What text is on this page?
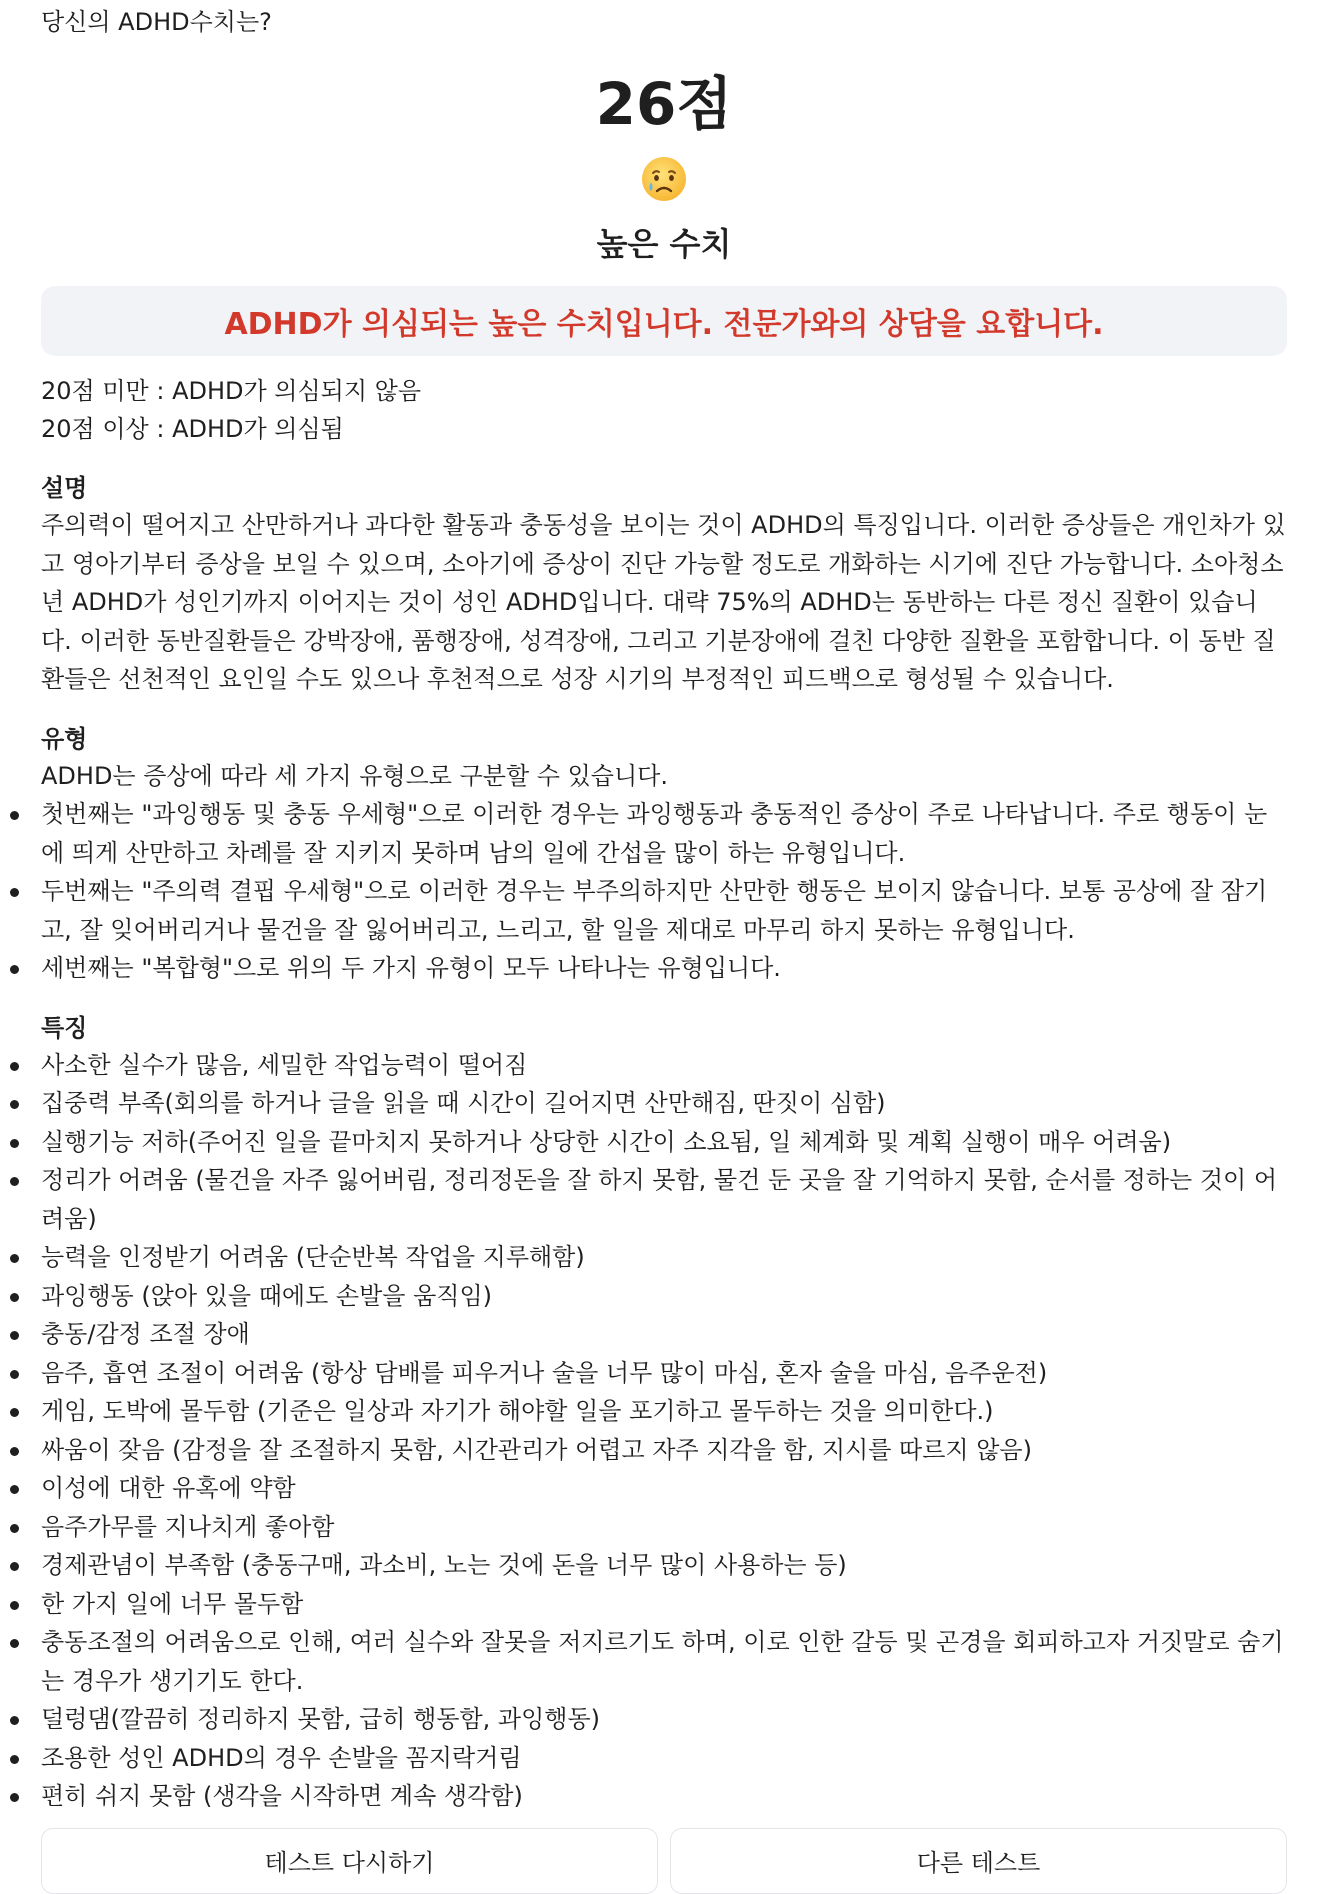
당신의 ADHD수치는?
26점
높은 수치
ADHD가 의심되는 높은 수치입니다. 전문가와의 상담을 요합니다.
20점 미만 : ADHD가 의심되지 않음
20점 이상 : ADHD가 의심됨
설명

주의력이 떨어지고 산만하거나 과다한 활동과 충동성을 보이는 것이 ADHD의 특징입니다. 이러한 증상들은 개인차가 있고 영아기부터 증상을 보일 수 있으며, 소아기에 증상이 진단 가능할 정도로 개화하는 시기에 진단 가능합니다. 소아청소년 ADHD가 성인기까지 이어지는 것이 성인 ADHD입니다. 대략 75%의 ADHD는 동반하는 다른 정신 질환이 있습니다. 이러한 동반질환들은 강박장애, 품행장애, 성격장애, 그리고 기분장애에 걸친 다양한 질환을 포함합니다. 이 동반 질환들은 선천적인 요인일 수도 있으나 후천적으로 성장 시기의 부정적인 피드백으로 형성될 수 있습니다.

유형

ADHD는 증상에 따라 세 가지 유형으로 구분할 수 있습니다.

첫번째는 "과잉행동 및 충동 우세형"으로 이러한 경우는 과잉행동과 충동적인 증상이 주로 나타납니다. 주로 행동이 눈에 띄게 산만하고 차례를 잘 지키지 못하며 남의 일에 간섭을 많이 하는 유형입니다.
두번째는 "주의력 결핍 우세형"으로 이러한 경우는 부주의하지만 산만한 행동은 보이지 않습니다. 보통 공상에 잘 잠기고, 잘 잊어버리거나 물건을 잘 잃어버리고, 느리고, 할 일을 제대로 마무리 하지 못하는 유형입니다.
세번째는 "복합형"으로 위의 두 가지 유형이 모두 나타나는 유형입니다.
특징
사소한 실수가 많음, 세밀한 작업능력이 떨어짐
집중력 부족(회의를 하거나 글을 읽을 때 시간이 길어지면 산만해짐, 딴짓이 심함)
실행기능 저하(주어진 일을 끝마치지 못하거나 상당한 시간이 소요됨, 일 체계화 및 계획 실행이 매우 어려움)
정리가 어려움 (물건을 자주 잃어버림, 정리정돈을 잘 하지 못함, 물건 둔 곳을 잘 기억하지 못함, 순서를 정하는 것이 어려움)
능력을 인정받기 어려움 (단순반복 작업을 지루해함)
과잉행동 (앉아 있을 때에도 손발을 움직임)
충동/감정 조절 장애
음주, 흡연 조절이 어려움 (항상 담배를 피우거나 술을 너무 많이 마심, 혼자 술을 마심, 음주운전)
게임, 도박에 몰두함 (기준은 일상과 자기가 해야할 일을 포기하고 몰두하는 것을 의미한다.)
싸움이 잦음 (감정을 잘 조절하지 못함, 시간관리가 어렵고 자주 지각을 함, 지시를 따르지 않음)
이성에 대한 유혹에 약함
음주가무를 지나치게 좋아함
경제관념이 부족함 (충동구매, 과소비, 노는 것에 돈을 너무 많이 사용하는 등)
한 가지 일에 너무 몰두함
충동조절의 어려움으로 인해, 여러 실수와 잘못을 저지르기도 하며, 이로 인한 갈등 및 곤경을 회피하고자 거짓말로 숨기는 경우가 생기기도 한다.
덜렁댐(깔끔히 정리하지 못함, 급히 행동함, 과잉행동)
조용한 성인 ADHD의 경우 손발을 꼼지락거림
편히 쉬지 못함 (생각을 시작하면 계속 생각함)
테스트 다시하기	다른 테스트
